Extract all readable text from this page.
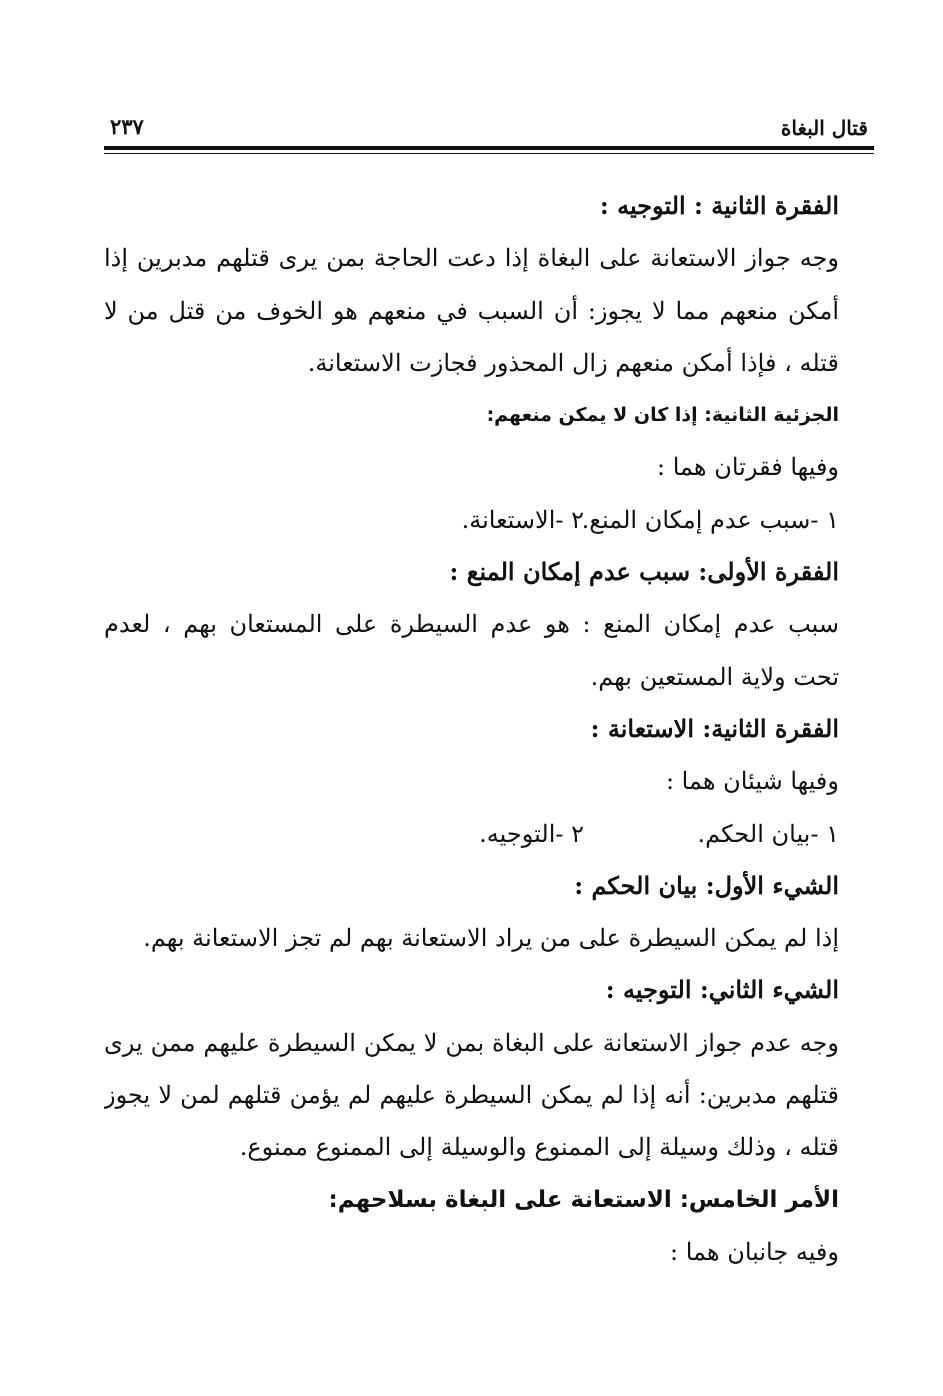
قتال البغاة
٢٣٧
الفقرة الثانية : التوجيه :
وجه جواز الاستعانة على البغاة إذا دعت الحاجة بمن يرى قتلهم مدبرين إذا
أمكن منعهم مما لا يجوز: أن السبب في منعهم هو الخوف من قتل من لا
قتله ، فإذا أمكن منعهم زال المحذور فجازت الاستعانة.
الجزئية الثانية: إذا كان لا يمكن منعهم:
وفيها فقرتان هما :
١ -سبب عدم إمكان المنع.
٢ -الاستعانة.
الفقرة الأولى: سبب عدم إمكان المنع :
سبب عدم إمكان المنع : هو عدم السيطرة على المستعان بهم ، لعدم
تحت ولاية المستعين بهم.
الفقرة الثانية: الاستعانة :
وفيها شيئان هما :
١ -بيان الحكم.
٢ -التوجيه.
الشيء الأول: بيان الحكم :
إذا لم يمكن السيطرة على من يراد الاستعانة بهم لم تجز الاستعانة بهم.
الشيء الثاني: التوجيه :
وجه عدم جواز الاستعانة على البغاة بمن لا يمكن السيطرة عليهم ممن يرى
قتلهم مدبرين: أنه إذا لم يمكن السيطرة عليهم لم يؤمن قتلهم لمن لا يجوز
قتله ، وذلك وسيلة إلى الممنوع والوسيلة إلى الممنوع ممنوع.
الأمر الخامس: الاستعانة على البغاة بسلاحهم:
وفيه جانبان هما :
